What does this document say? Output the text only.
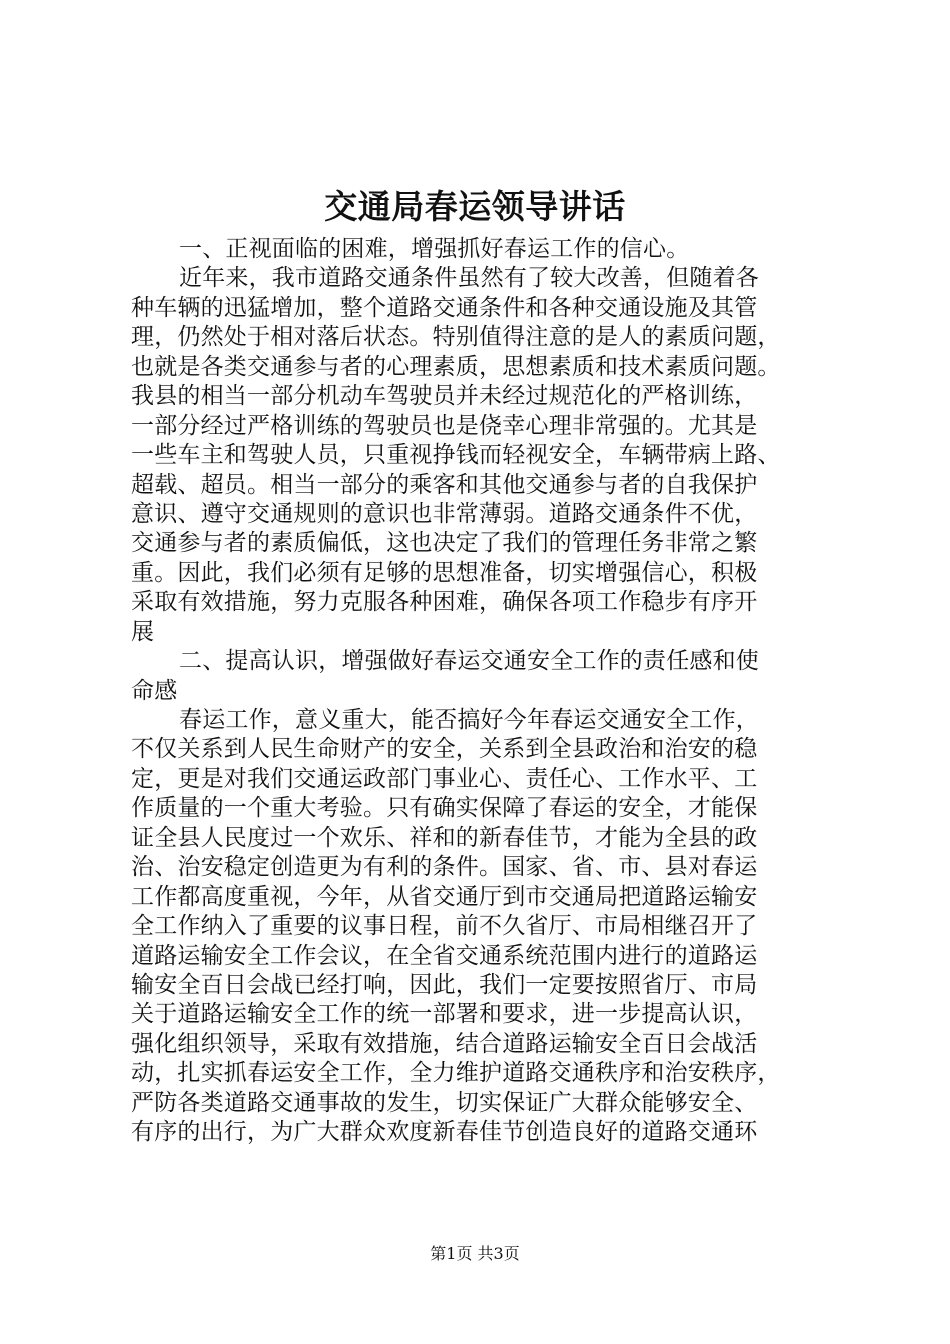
交通局春运领导讲话
一、正视面临的困难，增强抓好春运工作的信心。
近年来，我市道路交通条件虽然有了较大改善，但随着各
种车辆的迅猛增加，整个道路交通条件和各种交通设施及其管
理，仍然处于相对落后状态。特别值得注意的是人的素质问题，
也就是各类交通参与者的心理素质，思想素质和技术素质问题。
我县的相当一部分机动车驾驶员并未经过规范化的严格训练，
一部分经过严格训练的驾驶员也是侥幸心理非常强的。尤其是
一些车主和驾驶人员，只重视挣钱而轻视安全，车辆带病上路、
超载、超员。相当一部分的乘客和其他交通参与者的自我保护
意识、遵守交通规则的意识也非常薄弱。道路交通条件不优，
交通参与者的素质偏低，这也决定了我们的管理任务非常之繁
重。因此，我们必须有足够的思想准备，切实增强信心，积极
采取有效措施，努力克服各种困难，确保各项工作稳步有序开
展
二、提高认识，增强做好春运交通安全工作的责任感和使
命感
春运工作，意义重大，能否搞好今年春运交通安全工作，
不仅关系到人民生命财产的安全，关系到全县政治和治安的稳
定，更是对我们交通运政部门事业心、责任心、工作水平、工
作质量的一个重大考验。只有确实保障了春运的安全，才能保
证全县人民度过一个欢乐、祥和的新春佳节，才能为全县的政
治、治安稳定创造更为有利的条件。国家、省、市、县对春运
工作都高度重视，今年，从省交通厅到市交通局把道路运输安
全工作纳入了重要的议事日程，前不久省厅、市局相继召开了
道路运输安全工作会议，在全省交通系统范围内进行的道路运
输安全百日会战已经打响，因此，我们一定要按照省厅、市局
关于道路运输安全工作的统一部署和要求，进一步提高认识，
强化组织领导，采取有效措施，结合道路运输安全百日会战活
动，扎实抓春运安全工作，全力维护道路交通秩序和治安秩序，
严防各类道路交通事故的发生，切实保证广大群众能够安全、
有序的出行，为广大群众欢度新春佳节创造良好的道路交通环
第1页 共3页
